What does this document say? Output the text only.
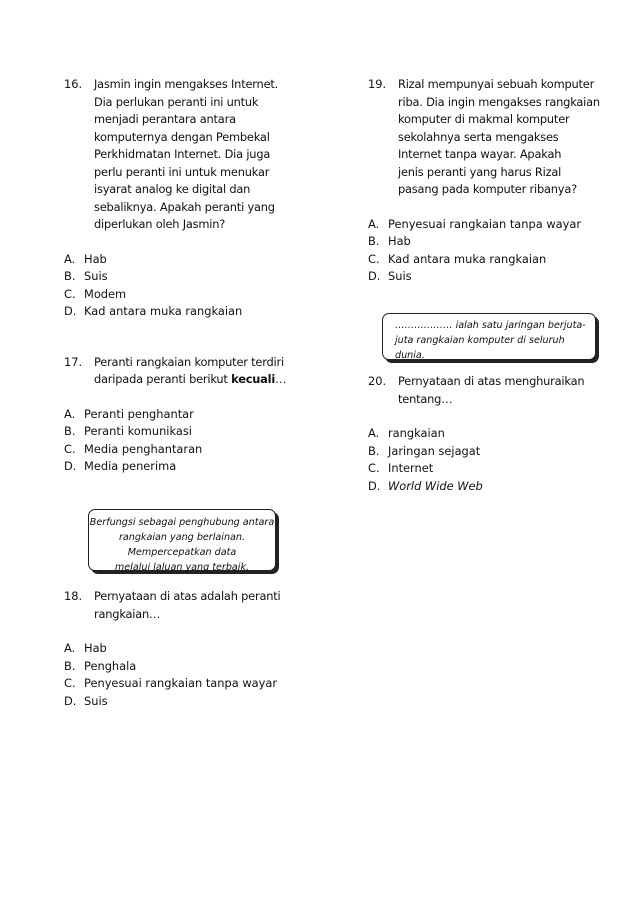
16.	Jasmin ingin mengakses Internet.
Dia perlukan peranti ini untuk
menjadi perantara antara
komputernya dengan Pembekal
Perkhidmatan Internet. Dia juga
perlu peranti ini untuk menukar
isyarat analog ke digital dan
sebaliknya. Apakah peranti yang
diperlukan oleh Jasmin?
A. Hab
B. Suis
C. Modem
D. Kad antara muka rangkaian
17.	Peranti rangkaian komputer terdiri
daripada peranti berikut kecuali…
A. Peranti penghantar
B. Peranti komunikasi
C. Media penghantaran
D. Media penerima
Berfungsi sebagai penghubung antara
rangkaian yang berlainan.
Mempercepatkan data
melalui laluan yang terbaik.
18.	Pernyataan di atas adalah peranti
rangkaian…
A. Hab
B. Penghala
C. Penyesuai rangkaian tanpa wayar
D. Suis
19.	Rizal mempunyai sebuah komputer
riba. Dia ingin mengakses rangkaian
komputer di makmal komputer
sekolahnya serta mengakses
Internet tanpa wayar. Apakah
jenis peranti yang harus Rizal
pasang pada komputer ribanya?
A. Penyesuai rangkaian tanpa wayar
B. Hab
C. Kad antara muka rangkaian
D. Suis
……………… ialah satu jaringan berjuta-
juta rangkaian komputer di seluruh
dunia.
20.	Pernyataan di atas menghuraikan
tentang…
A. rangkaian
B. Jaringan sejagat
C. Internet
D. World Wide Web
